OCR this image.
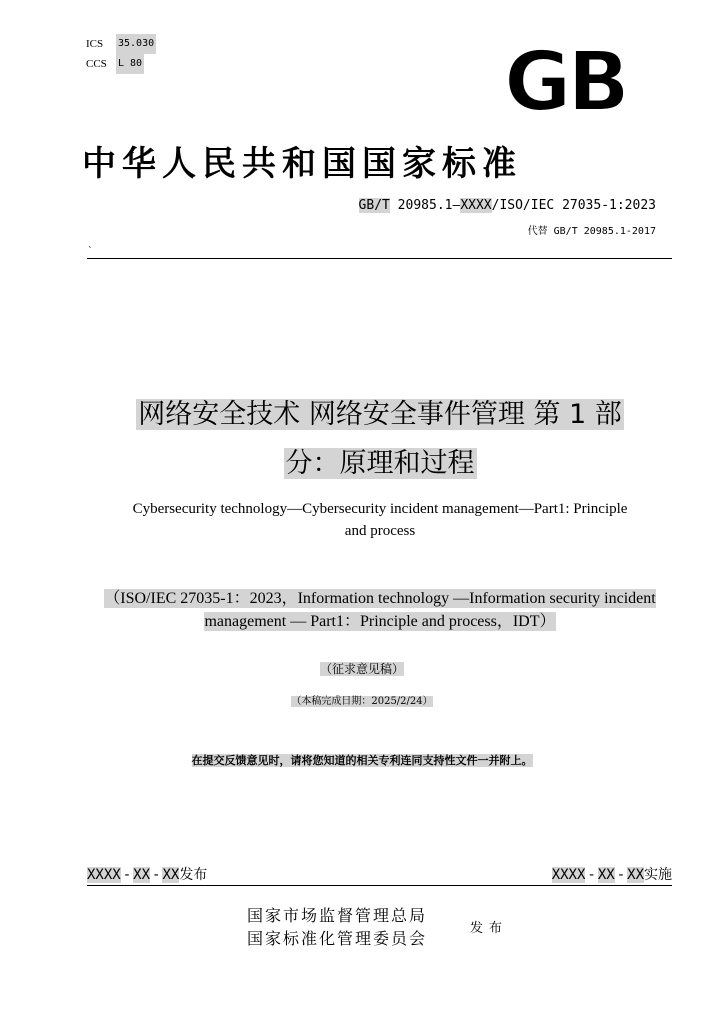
ICS	35.030
CCS	L 80	GB
中华人民共和国国家标准
GB/T 20985.1—XXXX/ISO/IEC 27035-1:2023
代替 GB/T 20985.1-2017
`
网络安全技术 网络安全事件管理 第 1 部
分：原理和过程
Cybersecurity technology—Cybersecurity incident management—Part1: Principle
and process
（ISO/IEC 27035-1：2023，Information technology —Information security incident
management — Part1：Principle and process，IDT）
（征求意见稿）
（本稿完成日期：2025/2/24）
在提交反馈意见时，请将您知道的相关专利连同支持性文件一并附上。
XXXX - XX - XX发布	XXXX - XX - XX实施
国家市场监督管理总局
国家标准化管理委员会
发布
